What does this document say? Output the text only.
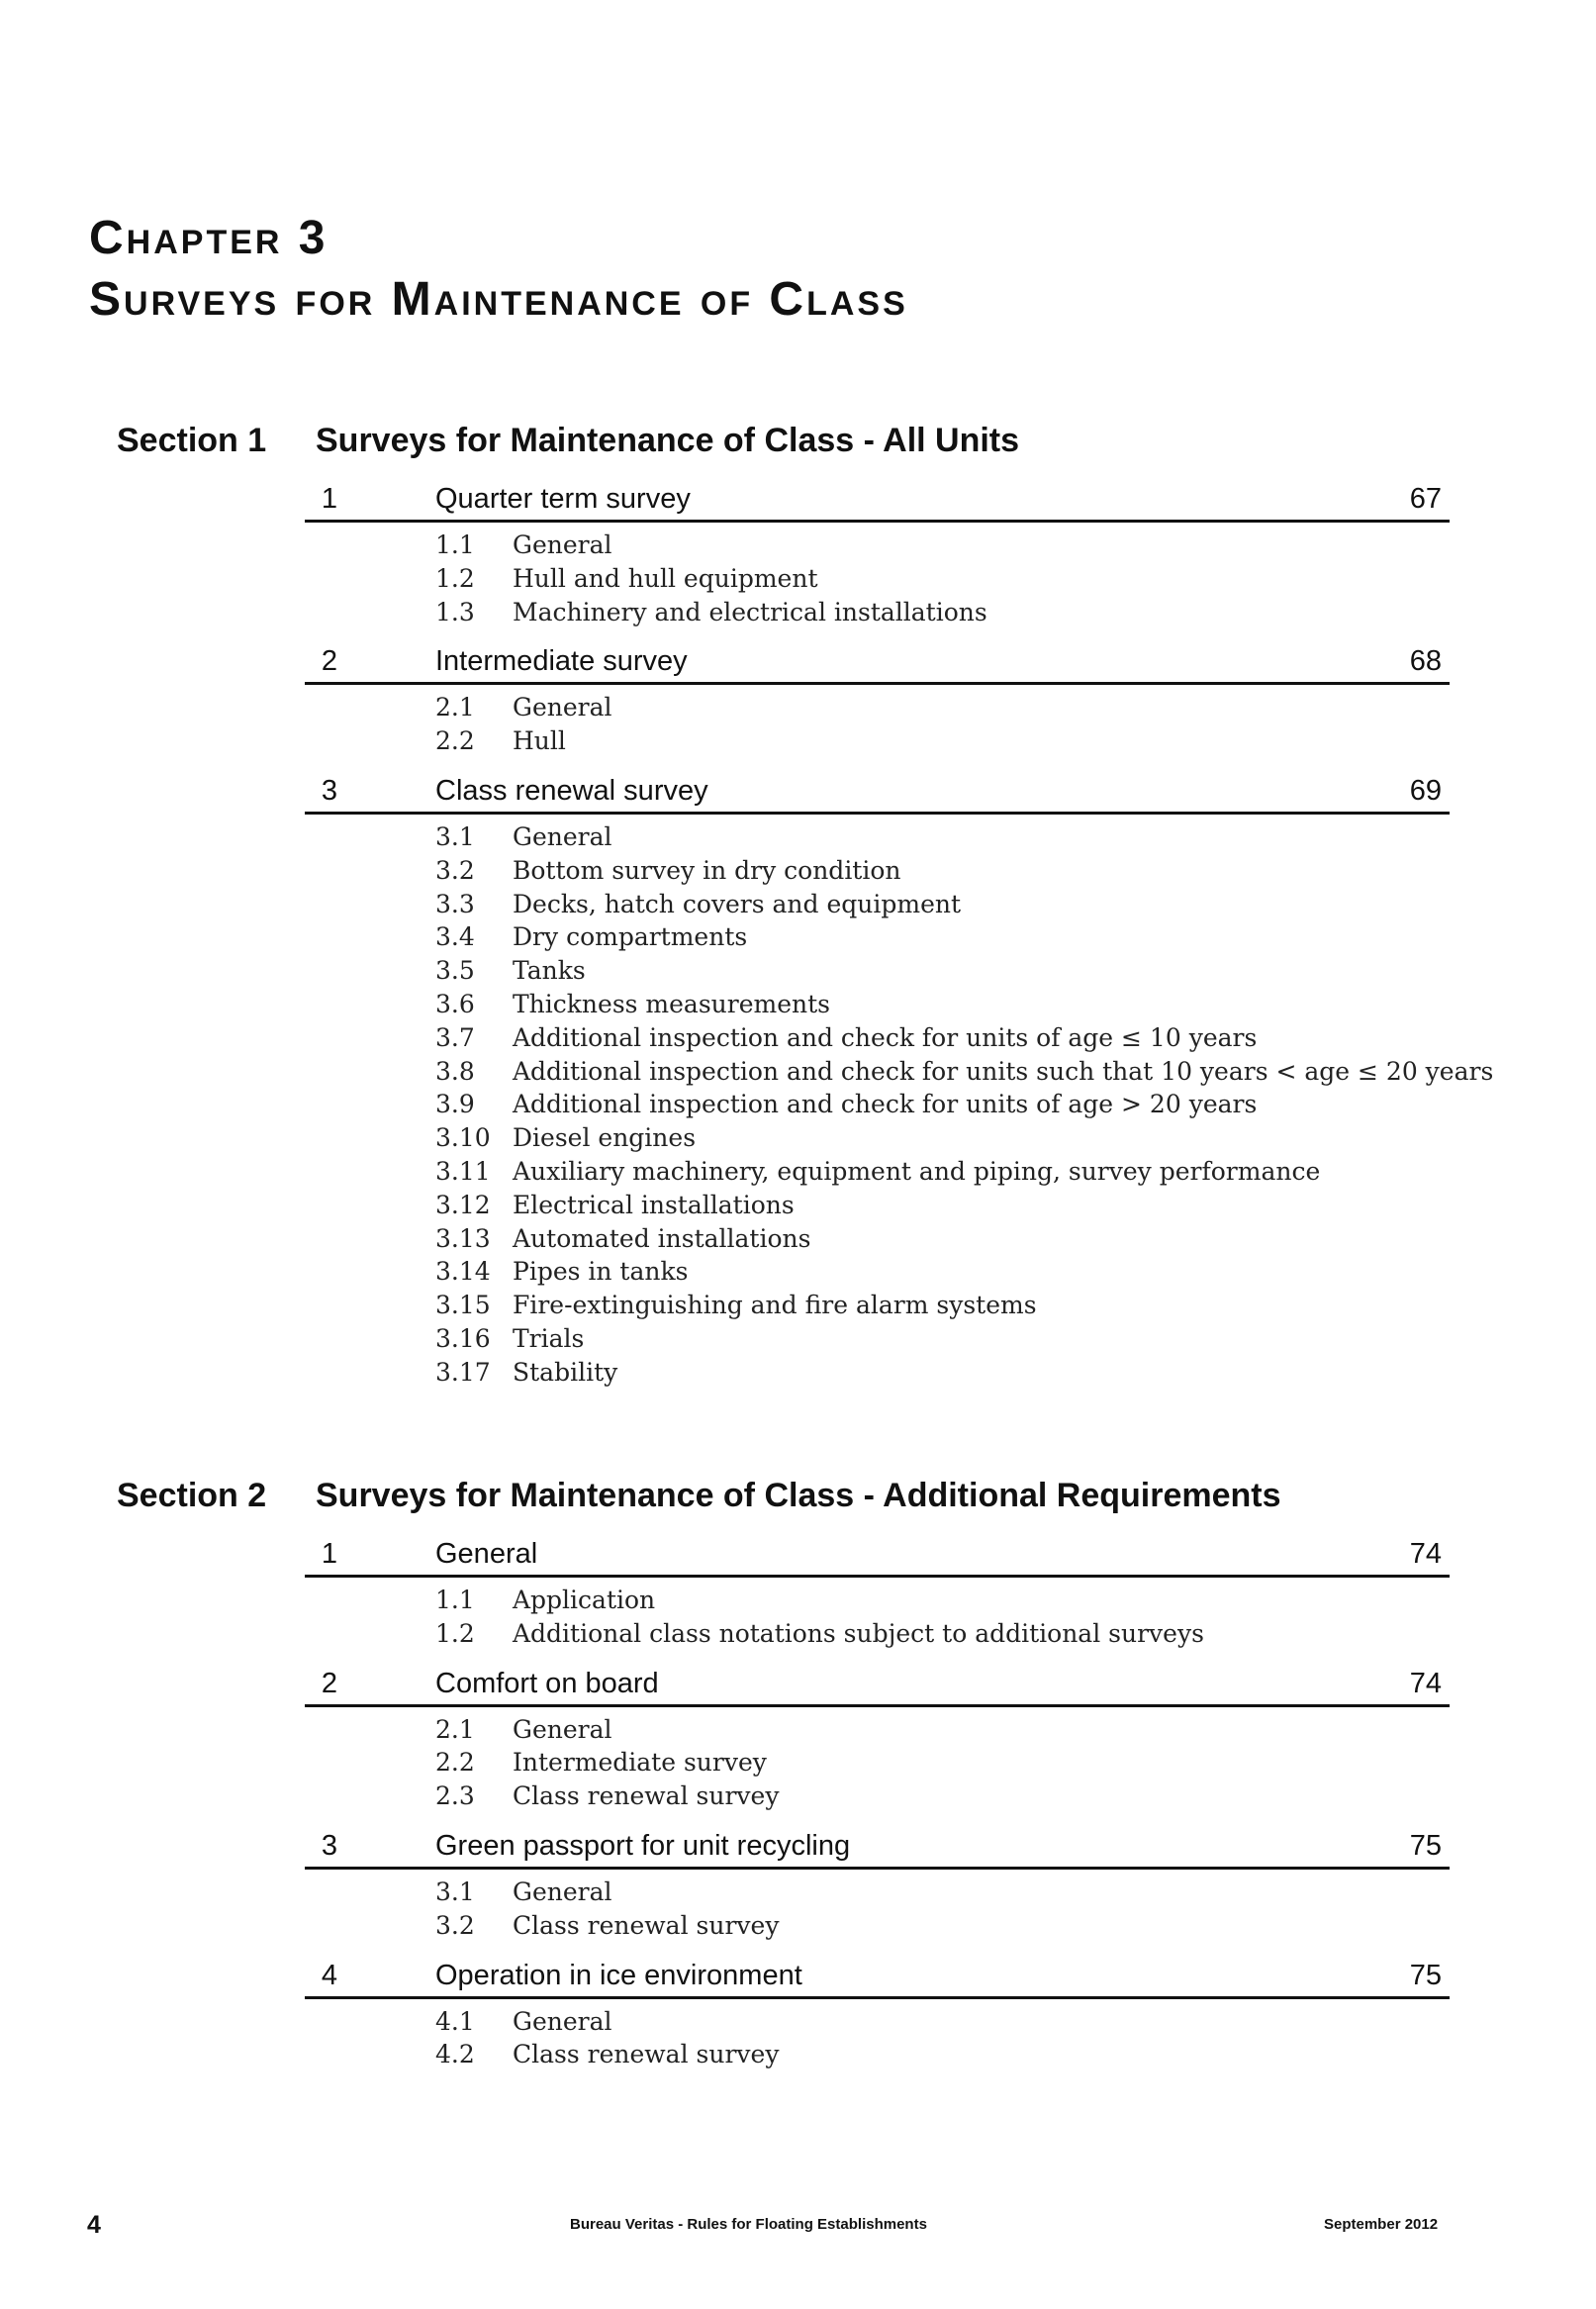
Chapter 3
Surveys for Maintenance of Class
Section 1 Surveys for Maintenance of Class - All Units
1	Quarter term survey	67
1.1 General
1.2 Hull and hull equipment
1.3 Machinery and electrical installations
2	Intermediate survey	68
2.1 General
2.2 Hull
3	Class renewal survey	69
3.1 General
3.2 Bottom survey in dry condition
3.3 Decks, hatch covers and equipment
3.4 Dry compartments
3.5 Tanks
3.6 Thickness measurements
3.7 Additional inspection and check for units of age ≤ 10 years
3.8 Additional inspection and check for units such that 10 years < age ≤ 20 years
3.9 Additional inspection and check for units of age > 20 years
3.10 Diesel engines
3.11 Auxiliary machinery, equipment and piping, survey performance
3.12 Electrical installations
3.13 Automated installations
3.14 Pipes in tanks
3.15 Fire-extinguishing and fire alarm systems
3.16 Trials
3.17 Stability
Section 2 Surveys for Maintenance of Class - Additional Requirements
1	General	74
1.1 Application
1.2 Additional class notations subject to additional surveys
2	Comfort on board	74
2.1 General
2.2 Intermediate survey
2.3 Class renewal survey
3	Green passport for unit recycling	75
3.1 General
3.2 Class renewal survey
4	Operation in ice environment	75
4.1 General
4.2 Class renewal survey
4	Bureau Veritas - Rules for Floating Establishments	September 2012
